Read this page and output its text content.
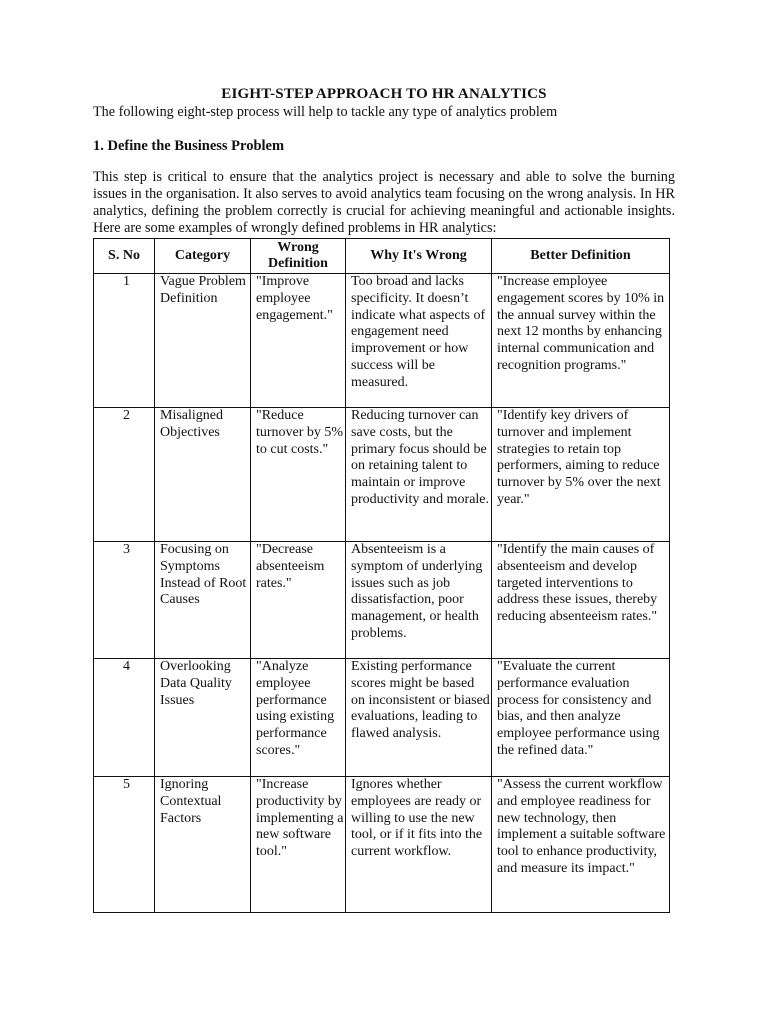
EIGHT-STEP APPROACH TO HR ANALYTICS
The following eight-step process will help to tackle any type of analytics problem
1. Define the Business Problem

This step is critical to ensure that the analytics project is necessary and able to solve the burning issues in the organisation. It also serves to avoid analytics team focusing on the wrong analysis. In HR analytics, defining the problem correctly is crucial for achieving meaningful and actionable insights. Here are some examples of wrongly defined problems in HR analytics:

S. No	Category	Wrong Definition	Why It's Wrong	Better Definition
1	Vague Problem Definition	"Improve employee engagement."	Too broad and lacks specificity. It doesn’t indicate what aspects of engagement need improvement or how success will be measured.	"Increase employee engagement scores by 10% in the annual survey within the next 12 months by enhancing internal communication and recognition programs."
2	Misaligned Objectives	"Reduce turnover by 5% to cut costs."	Reducing turnover can save costs, but the primary focus should be on retaining talent to maintain or improve productivity and morale.	"Identify key drivers of turnover and implement strategies to retain top performers, aiming to reduce turnover by 5% over the next year."
3	Focusing on Symptoms Instead of Root Causes	"Decrease absenteeism rates."	Absenteeism is a symptom of underlying issues such as job dissatisfaction, poor management, or health problems.	"Identify the main causes of absenteeism and develop targeted interventions to address these issues, thereby reducing absenteeism rates."
4	Overlooking Data Quality Issues	"Analyze employee performance using existing performance scores."	Existing performance scores might be based on inconsistent or biased evaluations, leading to flawed analysis.	"Evaluate the current performance evaluation process for consistency and bias, and then analyze employee performance using the refined data."
5	Ignoring Contextual Factors	"Increase productivity by implementing a new software tool."	Ignores whether employees are ready or willing to use the new tool, or if it fits into the current workflow.	"Assess the current workflow and employee readiness for new technology, then implement a suitable software tool to enhance productivity, and measure its impact."
